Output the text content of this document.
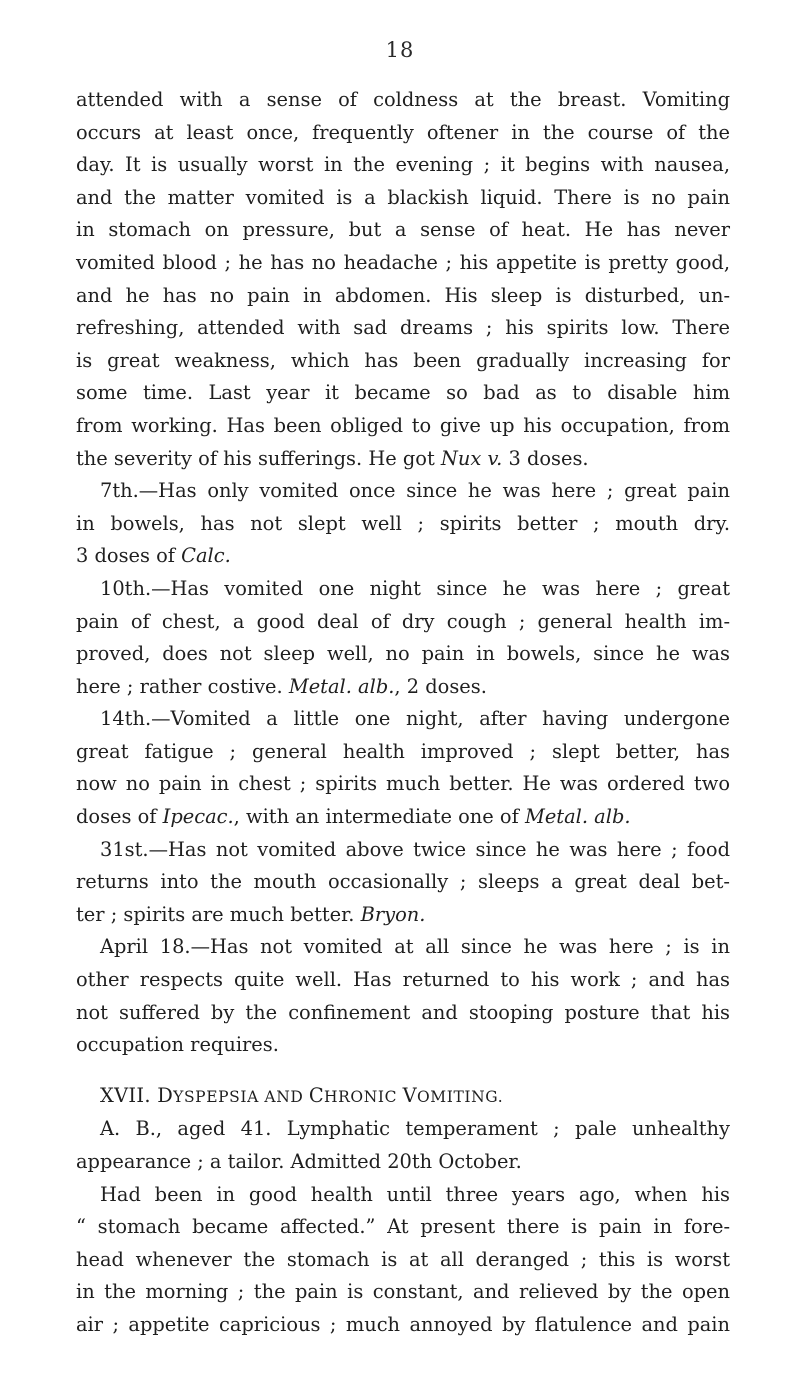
18
attended with a sense of coldness at the breast. Vomiting
occurs at least once, frequently oftener in the course of the
day. It is usually worst in the evening ; it begins with nausea,
and the matter vomited is a blackish liquid. There is no pain
in stomach on pressure, but a sense of heat. He has never
vomited blood ; he has no headache ; his appetite is pretty good,
and he has no pain in abdomen. His sleep is disturbed, un-
refreshing, attended with sad dreams ; his spirits low. There
is great weakness, which has been gradually increasing for
some time. Last year it became so bad as to disable him
from working. Has been obliged to give up his occupation, from
the severity of his sufferings. He got Nux v. 3 doses.
7th.—Has only vomited once since he was here ; great pain
in bowels, has not slept well ; spirits better ; mouth dry.
3 doses of Calc.
10th.—Has vomited one night since he was here ; great
pain of chest, a good deal of dry cough ; general health im-
proved, does not sleep well, no pain in bowels, since he was
here ; rather costive. Metal. alb., 2 doses.
14th.—Vomited a little one night, after having undergone
great fatigue ; general health improved ; slept better, has
now no pain in chest ; spirits much better. He was ordered two
doses of Ipecac., with an intermediate one of Metal. alb.
31st.—Has not vomited above twice since he was here ; food
returns into the mouth occasionally ; sleeps a great deal bet-
ter ; spirits are much better. Bryon.
April 18.—Has not vomited at all since he was here ; is in
other respects quite well. Has returned to his work ; and has
not suffered by the confinement and stooping posture that his
occupation requires.
XVII. DYSPEPSIA AND CHRONIC VOMITING.
A. B., aged 41. Lymphatic temperament ; pale unhealthy
appearance ; a tailor. Admitted 20th October.
Had been in good health until three years ago, when his
“ stomach became affected.” At present there is pain in fore-
head whenever the stomach is at all deranged ; this is worst
in the morning ; the pain is constant, and relieved by the open
air ; appetite capricious ; much annoyed by flatulence and pain
